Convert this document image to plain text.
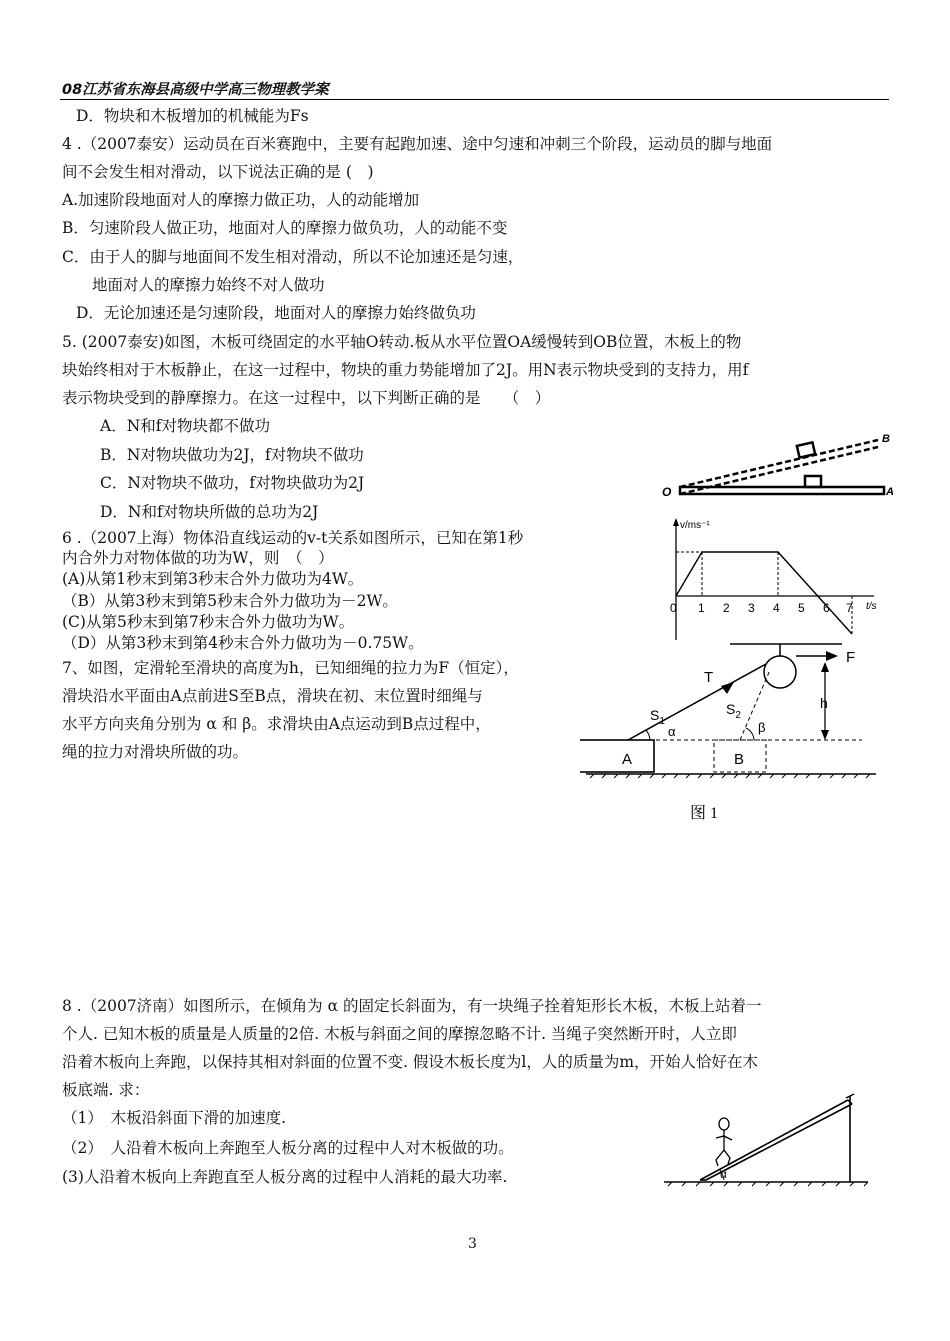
08江苏省东海县高级中学高三物理教学案
D．物块和木板增加的机械能为Fs
4 .（2007泰安）运动员在百米赛跑中，主要有起跑加速、途中匀速和冲刺三个阶段，运动员的脚与地面
间不会发生相对滑动，以下说法正确的是 (　)
A.加速阶段地面对人的摩擦力做正功，人的动能增加
B．匀速阶段人做正功，地面对人的摩擦力做负功，人的动能不变
C．由于人的脚与地面间不发生相对滑动，所以不论加速还是匀速，
地面对人的摩擦力始终不对人做功
D．无论加速还是匀速阶段，地面对人的摩擦力始终做负功
5. (2007泰安)如图，木板可绕固定的水平轴O转动.板从水平位置OA缓慢转到OB位置，木板上的物
块始终相对于木板静止，在这一过程中，物块的重力势能增加了2J。用N表示物块受到的支持力，用f
表示物块受到的静摩擦力。在这一过程中，以下判断正确的是　　（　）
A．N和f对物块都不做功
B．N对物块做功为2J，f对物块不做功
C．N对物块不做功，f对物块做功为2J
D．N和f对物块所做的总功为2J
6 .（2007上海）物体沿直线运动的v-t关系如图所示，已知在第1秒
内合外力对物体做的功为W，则　（　）
(A)从第1秒末到第3秒末合外力做功为4W。
（B）从第3秒末到第5秒末合外力做功为－2W。
(C)从第5秒末到第7秒末合外力做功为W。
（D）从第3秒末到第4秒末合外力做功为－0.75W。
7、如图，定滑轮至滑块的高度为h，已知细绳的拉力为F（恒定），
滑块沿水平面由A点前进S至B点，滑块在初、末位置时细绳与
水平方向夹角分别为 α 和 β。求滑块由A点运动到B点过程中，
绳的拉力对滑块所做的功。
8 .（2007济南）如图所示，在倾角为 α 的固定长斜面为，有一块绳子拴着矩形长木板，木板上站着一
个人. 已知木板的质量是人质量的2倍. 木板与斜面之间的摩擦忽略不计. 当绳子突然断开时，人立即
沿着木板向上奔跑，以保持其相对斜面的位置不变. 假设木板长度为l，人的质量为m，开始人恰好在木
板底端. 求：
（1）　木板沿斜面下滑的加速度.
（2）　人沿着木板向上奔跑至人板分离的过程中人对木板做的功。
(3)人沿着木板向上奔跑直至人板分离的过程中人消耗的最大功率.
O	A
B
v/ms⁻¹
t/s
0 1 2 3 4 5 6 7
F
T
$S_1$
$S_2$
α	β
h
A	B
图 1
α
3
